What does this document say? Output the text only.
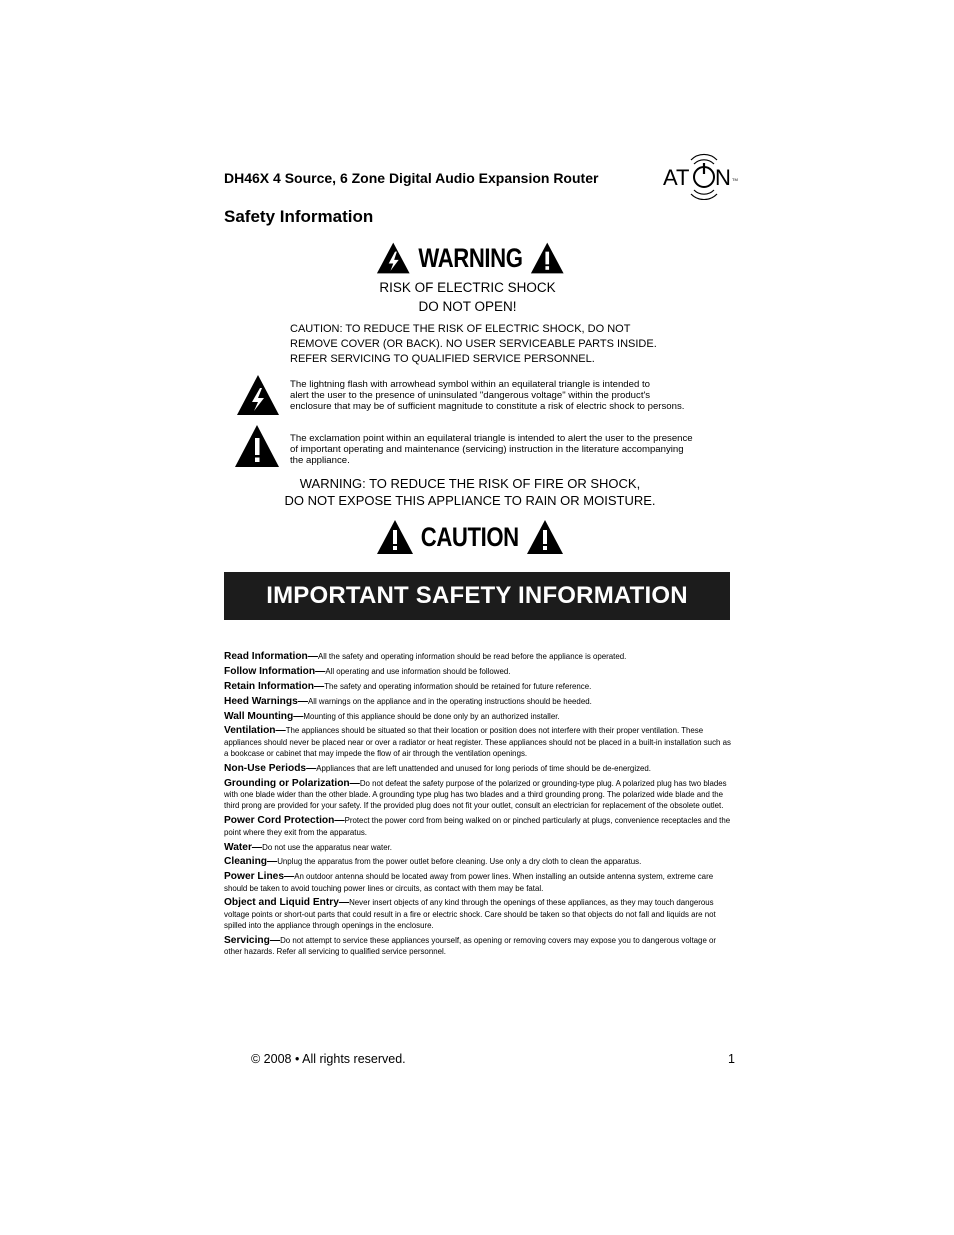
DH46X 4 Source, 6 Zone Digital Audio Expansion Router	AT N TM
Safety Information
WARNING
RISK OF ELECTRIC SHOCK
DO NOT OPEN!
CAUTION: TO REDUCE THE RISK OF ELECTRIC SHOCK, DO NOT
REMOVE COVER (OR BACK). NO USER SERVICEABLE PARTS INSIDE.
REFER SERVICING TO QUALIFIED SERVICE PERSONNEL.
The lightning flash with arrowhead symbol within an equilateral triangle is intended to
alert the user to the presence of uninsulated "dangerous voltage" within the product's
enclosure that may be of sufficient magnitude to constitute a risk of electric shock to persons.
The exclamation point within an equilateral triangle is intended to alert the user to the presence
of important operating and maintenance (servicing) instruction in the literature accompanying
the appliance.
WARNING: TO REDUCE THE RISK OF FIRE OR SHOCK,
DO NOT EXPOSE THIS APPLIANCE TO RAIN OR MOISTURE.
CAUTION
IMPORTANT SAFETY INFORMATION
Read Information—All the safety and operating information should be read before the appliance is operated.
Follow Information—All operating and use information should be followed.
Retain Information—The safety and operating information should be retained for future reference.
Heed Warnings—All warnings on the appliance and in the operating instructions should be heeded.
Wall Mounting—Mounting of this appliance should be done only by an authorized installer.
Ventilation—The appliances should be situated so that their location or position does not interfere with their proper ventilation. These appliances should never be placed near or over a radiator or heat register. These appliances should not be placed in a built-in installation such as a bookcase or cabinet that may impede the flow of air through the ventilation openings.
Non-Use Periods—Appliances that are left unattended and unused for long periods of time should be de-energized.
Grounding or Polarization—Do not defeat the safety purpose of the polarized or grounding-type plug. A polarized plug has two blades with one blade wider than the other blade. A grounding type plug has two blades and a third grounding prong. The polarized wide blade and the third prong are provided for your safety. If the provided plug does not fit your outlet, consult an electrician for replacement of the obsolete outlet.
Power Cord Protection—Protect the power cord from being walked on or pinched particularly at plugs, convenience receptacles and the point where they exit from the apparatus.
Water—Do not use the apparatus near water.
Cleaning—Unplug the apparatus from the power outlet before cleaning. Use only a dry cloth to clean the apparatus.
Power Lines—An outdoor antenna should be located away from power lines. When installing an outside antenna system, extreme care should be taken to avoid touching power lines or circuits, as contact with them may be fatal.
Object and Liquid Entry—Never insert objects of any kind through the openings of these appliances, as they may touch dangerous voltage points or short-out parts that could result in a fire or electric shock. Care should be taken so that objects do not fall and liquids are not spilled into the appliance through openings in the enclosure.
Servicing—Do not attempt to service these appliances yourself, as opening or removing covers may expose you to dangerous voltage or other hazards. Refer all servicing to qualified service personnel.
© 2008 • All rights reserved.	1
